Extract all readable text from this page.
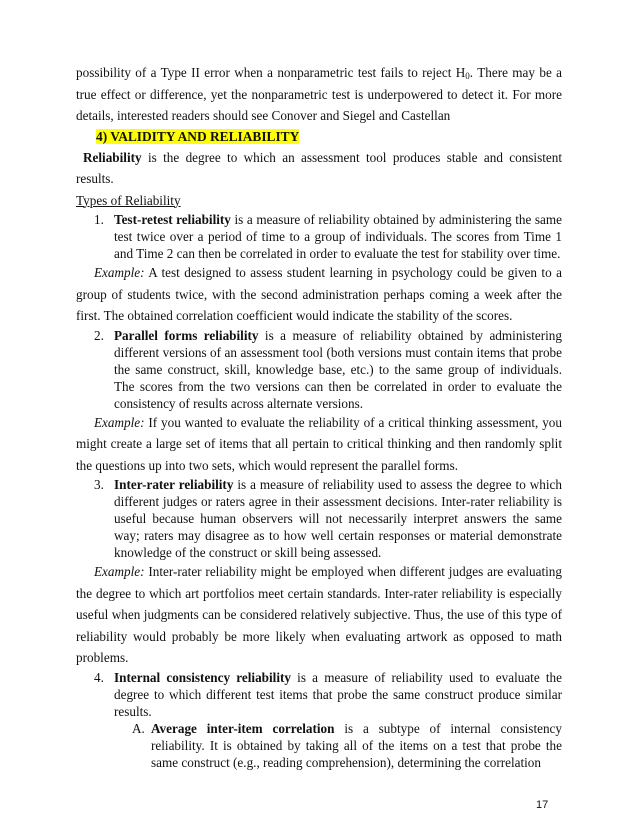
possibility of a Type II error when a nonparametric test fails to reject $H_0$. There may be a true effect or difference, yet the nonparametric test is underpowered to detect it. For more details, interested readers should see Conover and Siegel and Castellan

4) VALIDITY AND RELIABILITY

Reliability is the degree to which an assessment tool produces stable and consistent results.

Types of Reliability

1. Test-retest reliability is a measure of reliability obtained by administering the same test twice over a period of time to a group of individuals. The scores from Time 1 and Time 2 can then be correlated in order to evaluate the test for stability over time.

Example: A test designed to assess student learning in psychology could be given to a group of students twice, with the second administration perhaps coming a week after the first. The obtained correlation coefficient would indicate the stability of the scores.

2. Parallel forms reliability is a measure of reliability obtained by administering different versions of an assessment tool (both versions must contain items that probe the same construct, skill, knowledge base, etc.) to the same group of individuals. The scores from the two versions can then be correlated in order to evaluate the consistency of results across alternate versions.

Example: If you wanted to evaluate the reliability of a critical thinking assessment, you might create a large set of items that all pertain to critical thinking and then randomly split the questions up into two sets, which would represent the parallel forms.

3. Inter-rater reliability is a measure of reliability used to assess the degree to which different judges or raters agree in their assessment decisions. Inter-rater reliability is useful because human observers will not necessarily interpret answers the same way; raters may disagree as to how well certain responses or material demonstrate knowledge of the construct or skill being assessed.

Example: Inter-rater reliability might be employed when different judges are evaluating the degree to which art portfolios meet certain standards. Inter-rater reliability is especially useful when judgments can be considered relatively subjective. Thus, the use of this type of reliability would probably be more likely when evaluating artwork as opposed to math problems.

4. Internal consistency reliability is a measure of reliability used to evaluate the degree to which different test items that probe the same construct produce similar results.
A. Average inter-item correlation is a subtype of internal consistency reliability. It is obtained by taking all of the items on a test that probe the same construct (e.g., reading comprehension), determining the correlation
17
